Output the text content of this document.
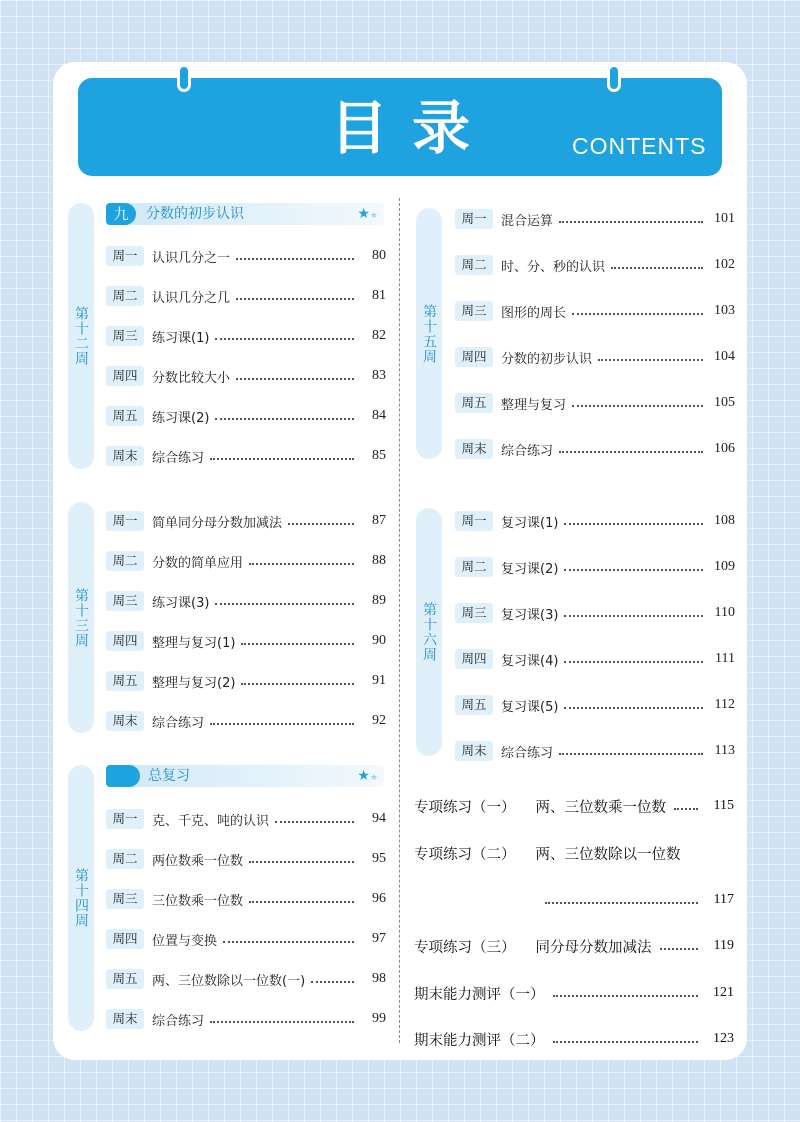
目录	CONTENTS
第十二周
第十三周
第十四周
第十五周
第十六周
九	分数的初步认识	★★
总复习	★★
周一	认识几分之一	80
周二	认识几分之几	81
周三	练习课(1)	82
周四	分数比较大小	83
周五	练习课(2)	84
周末	综合练习	85
周一	简单同分母分数加减法	87
周二	分数的简单应用	88
周三	练习课(3)	89
周四	整理与复习(1)	90
周五	整理与复习(2)	91
周末	综合练习	92
周一	克、千克、吨的认识	94
周二	两位数乘一位数	95
周三	三位数乘一位数	96
周四	位置与变换	97
周五	两、三位数除以一位数(一)	98
周末	综合练习	99
周一	混合运算	101
周二	时、分、秒的认识	102
周三	图形的周长	103
周四	分数的初步认识	104
周五	整理与复习	105
周末	综合练习	106
周一	复习课(1)	108
周二	复习课(2)	109
周三	复习课(3)	110
周四	复习课(4)	111
周五	复习课(5)	112
周末	综合练习	113
专项练习（一） 两、三位数乘一位数	115
专项练习（二） 两、三位数除以一位数
117
专项练习（三） 同分母分数加减法	119
期末能力测评（一）	121
期末能力测评（二）	123
